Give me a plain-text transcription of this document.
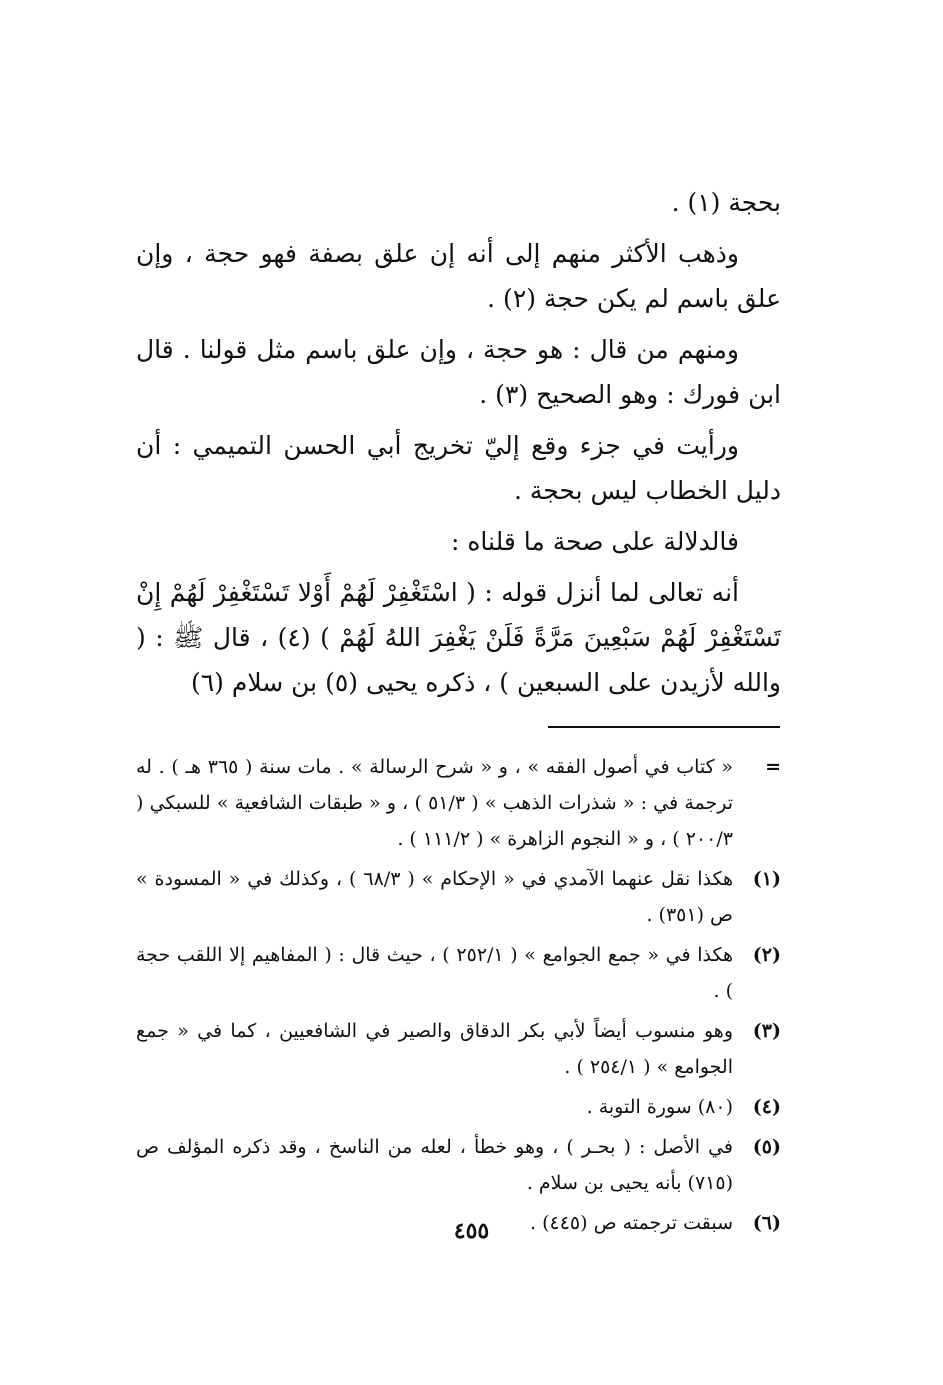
بحجة (١) .

وذهب الأكثر منهم إلى أنه إن علق بصفة فهو حجة ، وإن علق باسم لم يكن حجة (٢) .

ومنهم من قال : هو حجة ، وإن علق باسم مثل قولنا . قال ابن فورك : وهو الصحيح (٣) .

ورأيت في جزء وقع إليّ تخريج أبي الحسن التميمي : أن دليل الخطاب ليس بحجة .

فالدلالة على صحة ما قلناه :

أنه تعالى لما أنزل قوله : ( اسْتَغْفِرْ لَهُمْ أَوْلا تَسْتَغْفِرْ لَهُمْ إِنْ تَسْتَغْفِرْ لَهُمْ سَبْعِينَ مَرَّةً فَلَنْ يَغْفِرَ اللهُ لَهُمْ ) (٤) ، قال ﷺ : ( والله لأزيدن على السبعين ) ، ذكره يحيى (٥) بن سلام (٦)

=
« كتاب في أصول الفقه » ، و « شرح الرسالة » . مات سنة ( ٣٦٥ هـ ) . له ترجمة في : « شذرات الذهب » ( ٥١/٣ ) ، و « طبقات الشافعية » للسبكي ( ٢٠٠/٣ ) ، و « النجوم الزاهرة » ( ١١١/٢ ) .
(١)
هكذا نقل عنهما الآمدي في « الإحكام » ( ٦٨/٣ ) ، وكذلك في « المسودة » ص (٣٥١) .
(٢)
هكذا في « جمع الجوامع » ( ٢٥٢/١ ) ، حيث قال : ( المفاهيم إلا اللقب حجة ) .
(٣)
وهو منسوب أيضاً لأبي بكر الدقاق والصير في الشافعيين ، كما في « جمع الجوامع » ( ٢٥٤/١ ) .
(٤)
(٨٠) سورة التوبة .
(٥)
في الأصل : ( بحـر ) ، وهو خطأ ، لعله من الناسخ ، وقد ذكره المؤلف ص (٧١٥) بأنه يحيى بن سلام .
(٦)
سبقت ترجمته ص (٤٤٥) .
٤٥٥
